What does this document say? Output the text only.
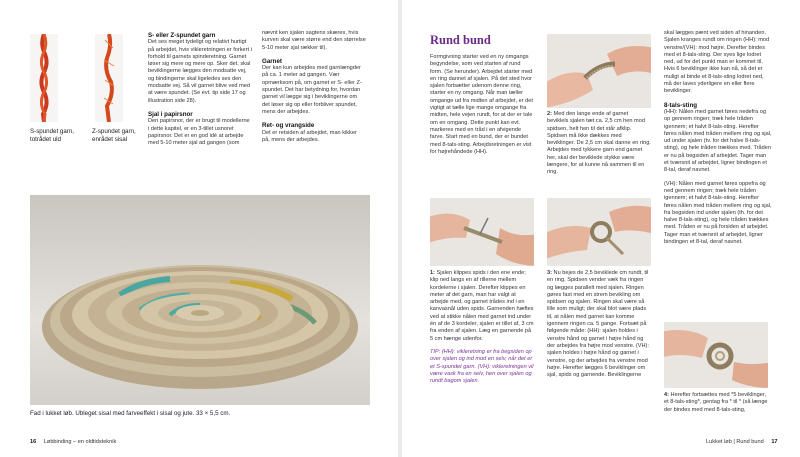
S-spundet garn, totrådet uld
Z-spundet garn, enrådet sisal
S- eller Z-spundet garn

Det ses meget tydeligt og relativt hurtigt på arbejdet, hvis vikleretningen er forkert i forhold til garnets spinderetning. Garnet løser sig mere og mere op. Sker det, skal beviklingerne lægges den modsatte vej, og bindingerne skal ligeledes ses den modsatte vej. Så vil garnet blive ved med at være spundet. (Se evt. tip side 17 og illustration side 28).

Sjal i papirsnor

Den papirsnor, der er brugt til modellerne i dette kapitel, er en 3-tillet usnoret papirsnor. Det er en god idé at arbejde med 5-10 meter sjal ad gangen (som

nævnt ken sjalen sagtens skæres, hvis kurven skal være større end den størrelse 5-10 meter sjal rækker til).

Garnet

Der kan kun arbejdes med garnlængder på ca. 1 meter ad gangen. Vær opmærksom på, om garnet er S- eller Z-spundet. Det har betydning for, hvordan garnet vil lægge sig i beviklingerne om det løser sig op eller forbliver spundet, mens der arbejdes.

Ret- og vrangside

Det er retsiden af arbejdet, man kikker på, mens der arbejdes.

Fad i lukket løb. Ubleget sisal med farveeffekt i sisal og jute. 33 × 5,5 cm.
16 Løbbinding – en oldtidsteknik
Rund bund
Formgivning starter ved en ny omgangs begyndelse, som ved starten af rund form. (Se herunder). Arbejdet starter med en ring dannet af sjalen. På det sted hvor sjalen fortsætter udenom denne ring, starter en ny omgang. Når man tæller omgange ud fra midten af arbejdet, er det vigtigt at tælle lige mange omgange fra midten, hele vejen rundt, for at der er tale om en omgang. Dette punkt kan evt. markeres med en tråd i en afvigende farve. Start med en bund, der er bundet med 8-tals-sting. Arbejdsretningen er vist for højrehåndede (HH).
2: Med den lange ende af garnet beviklels sjalen tæt ca. 2,5 cm hen mod spidsen, helt hen til det står afklip. Spidsen må ikke dækkes med beviklinger. De 2,5 cm skal danne en ring. Arbejdes med tykkere garn end garnet her, skal der beviklede stykke være længere, for at kunne nå sammen til en ring.
1: Sjalen klippes spids i den ene ende; klip ned langs en af rillerne mellem kordelerne i sjalen. Derefter klippes en meter af det garn, man har valgt at arbejde med, og garnet trådes ind i en kanvasnål uden spids. Garnenden hæftes ved at stikke nålen med garnet ind under én af de 3 kordeler, sjalen er tillet af, 3 cm fra enden af sjalen. Læg en garnende på 5 cm hænge udenfor.

TIP: (HH): vikleretning er fra begsiden op over sjalen og ind mod en selv, når det er et S-spundet garn. (VH): vikleretningen vil være vask fra en selv, hen over sjalen og rundt bagom sjalen.

3: Nu bejes de 2,5 beviklede cm rundt, til en ring. Spidsen vender væk fra ringen og lægges parallelt med sjalen. Ringen gøres fast med en strem bevikling om spidsen og sjalen. Ringen skal være så lille som muligt; der skal blot være plads til, at nålen med garnet kan komme igennem ringen ca. 5 gange. Fortsæt på følgende måde: (HH): sjalen holdes i venstre hånd og garnet i højre hånd og der arbejdes fra højre mod venstre. (VH): sjalen holdes i højre hånd og garnet i venstre, og der arbejdes fra venstre mod højre. Herefter lægges 6 beviklinger om sjal, spids og garnende. Beviklingerne

skal lægges pænt ved siden af hinanden. Sjalen kranges rundt om ringen (HH): mod venstre/(VH): mod højre. Derefter bindes med et 8-tals-sting. Der syes lige lodret ned, ud for det punkt man er kommet til. Hvis 6 beviklinger ikke kan nå, så det er muligt at binde et 8-tals-sting lodret ned, må der laves yderligere en eller flere beviklinger.

8-tals-sting

(HH): Nålen med garnet føres nedefra og op gennem ringen; træk hele tråden igennem; et halvt 8-tals-sting. Herefter føres nålen med tråden mellem ring og sjal, ud under sjalen (tv. for det halve 8-tals-sting), og hele tråden trækkes med. Tråden er nu på begsiden af arbejdet. Tager man et tværsnit af arbejdet, ligner bindingen et 8-tal, deraf navnet.

(VH): Nålen med garnet føres oppefra og ned gennem ringen; træk hele tråden igennem; et halvt 8-tals-sting. Herefter føres nålen med tråden mellem ring og sjal, fra begsiden ind under sjalen (th. for det halve 8-tals-sting), og hele tråden trækkes med. Tråden er nu på forsiden af arbejdet. Tager man et tværsnit af arbejdet, ligner bindingen et 8-tal, deraf navnet.

4: Herefter fortsættes med *5 beviklinger, et 8-tals-sting*, gentag fra * til * (så længe der bindes med med 8-tals-sting,
Lukket løb | Rund bund 17
